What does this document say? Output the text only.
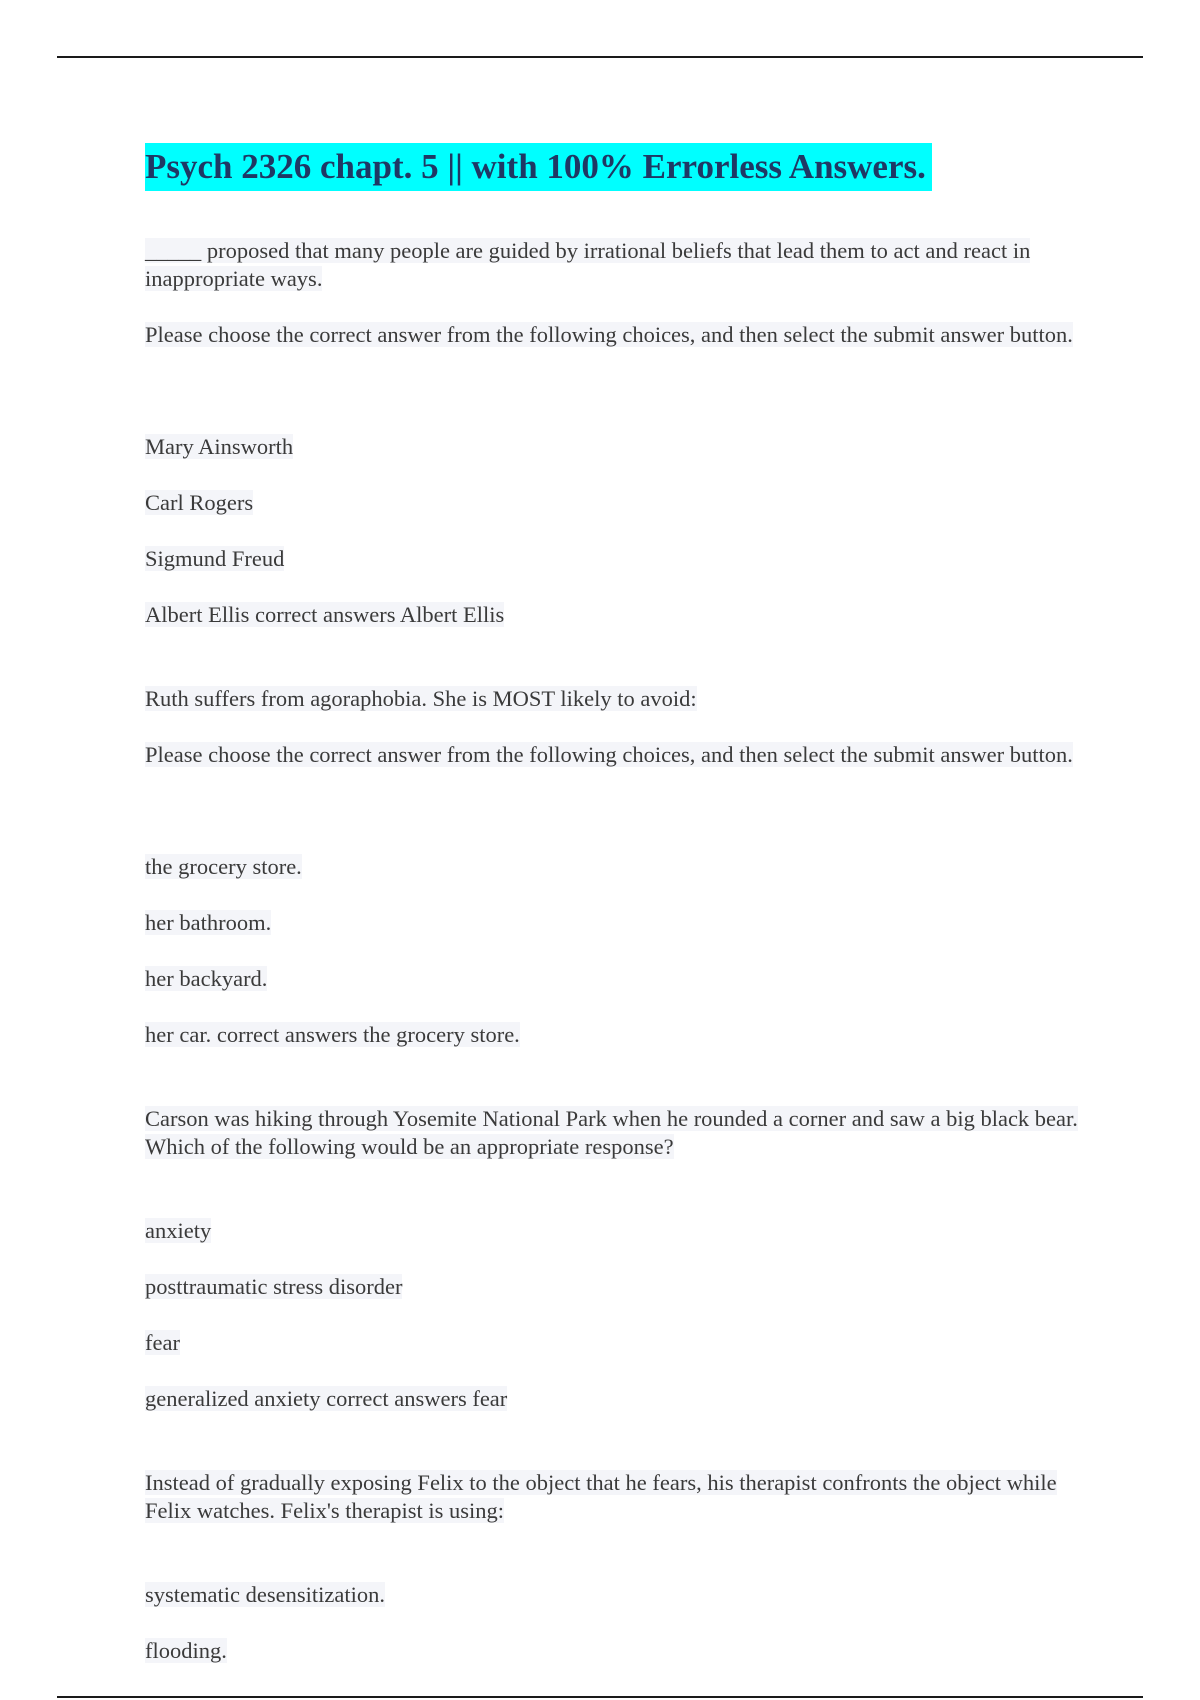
Psych 2326 chapt. 5 || with 100% Errorless Answers.

_____ proposed that many people are guided by irrational beliefs that lead them to act and react in inappropriate ways.

Please choose the correct answer from the following choices, and then select the submit answer button.

Mary Ainsworth
Carl Rogers
Sigmund Freud
Albert Ellis correct answers Albert Ellis

Ruth suffers from agoraphobia. She is MOST likely to avoid:

Please choose the correct answer from the following choices, and then select the submit answer button.

the grocery store.
her bathroom.
her backyard.
her car. correct answers the grocery store.

Carson was hiking through Yosemite National Park when he rounded a corner and saw a big black bear. Which of the following would be an appropriate response?

anxiety
posttraumatic stress disorder
fear
generalized anxiety correct answers fear

Instead of gradually exposing Felix to the object that he fears, his therapist confronts the object while Felix watches. Felix's therapist is using:

systematic desensitization.
flooding.
